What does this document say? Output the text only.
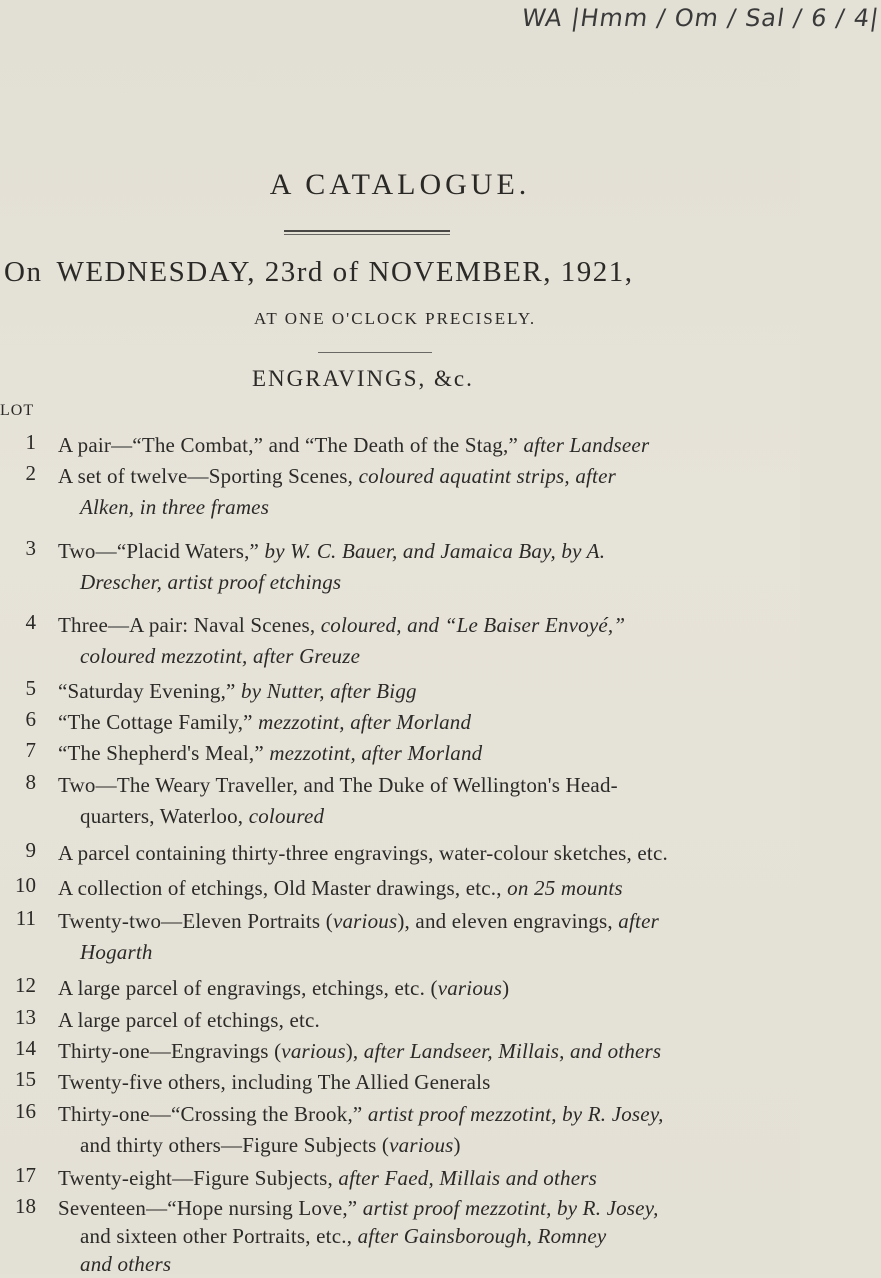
WA |Hmm / Om / Sal / 6 / 4|
A CATALOGUE.
On WEDNESDAY, 23rd of NOVEMBER, 1921,
AT ONE O'CLOCK PRECISELY.
ENGRAVINGS, &c.
LOT
1 A pair—“The Combat,” and “The Death of the Stag,” after Landseer
2 A set of twelve—Sporting Scenes, coloured aquatint strips, after
Alken, in three frames
3 Two—“Placid Waters,” by W. C. Bauer, and Jamaica Bay, by A.
Drescher, artist proof etchings
4 Three—A pair: Naval Scenes, coloured, and “Le Baiser Envoyé,”
coloured mezzotint, after Greuze
5 “Saturday Evening,” by Nutter, after Bigg
6 “The Cottage Family,” mezzotint, after Morland
7 “The Shepherd's Meal,” mezzotint, after Morland
8 Two—The Weary Traveller, and The Duke of Wellington's Head-
quarters, Waterloo, coloured
9 A parcel containing thirty-three engravings, water-colour sketches, etc.
10 A collection of etchings, Old Master drawings, etc., on 25 mounts
11 Twenty-two—Eleven Portraits (various), and eleven engravings, after
Hogarth
12 A large parcel of engravings, etchings, etc. (various)
13 A large parcel of etchings, etc.
14 Thirty-one—Engravings (various), after Landseer, Millais, and others
15 Twenty-five others, including The Allied Generals
16 Thirty-one—“Crossing the Brook,” artist proof mezzotint, by R. Josey,
and thirty others—Figure Subjects (various)
17 Twenty-eight—Figure Subjects, after Faed, Millais and others
18 Seventeen—“Hope nursing Love,” artist proof mezzotint, by R. Josey,
and sixteen other Portraits, etc., after Gainsborough, Romney
and others
